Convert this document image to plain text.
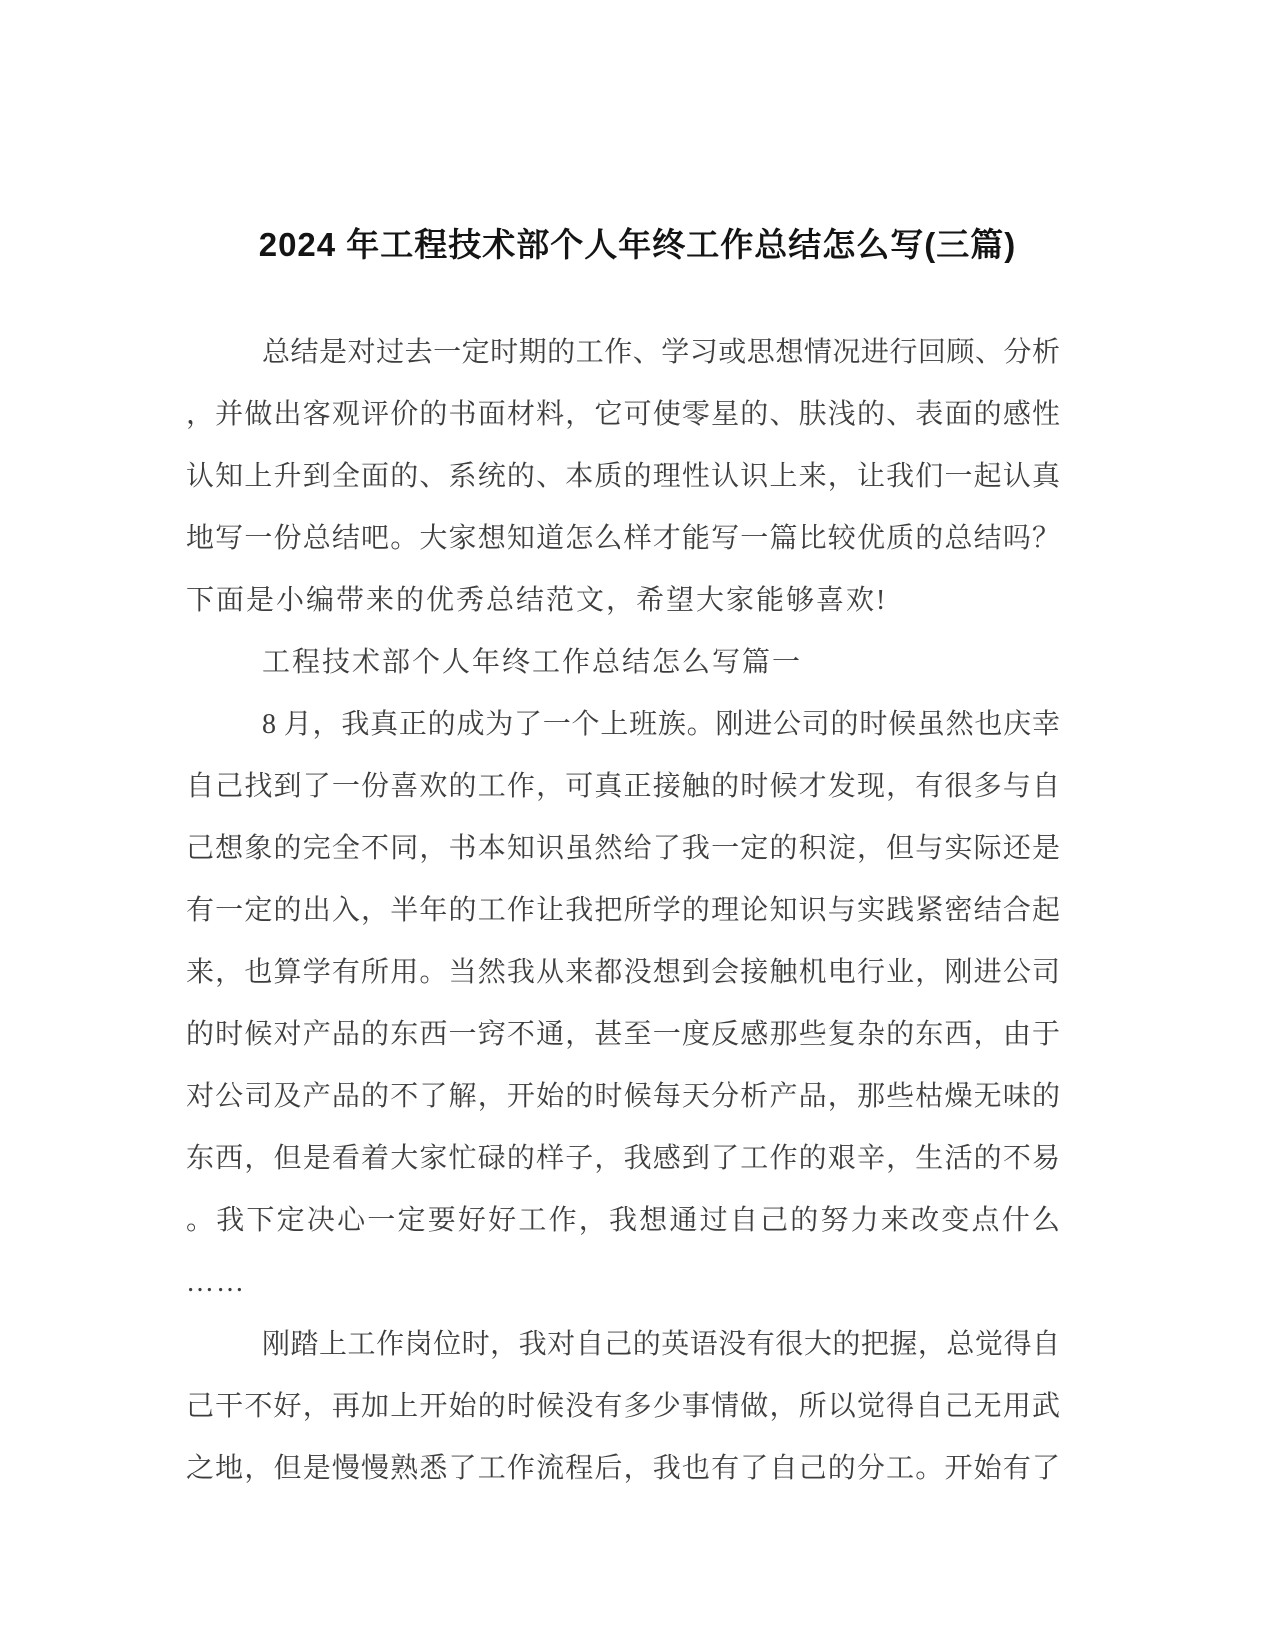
2024 年工程技术部个人年终工作总结怎么写(三篇)
总结是对过去一定时期的工作、学习或思想情况进行回顾、分析
，并做出客观评价的书面材料，它可使零星的、肤浅的、表面的感性
认知上升到全面的、系统的、本质的理性认识上来，让我们一起认真
地写一份总结吧。大家想知道怎么样才能写一篇比较优质的总结吗？
下面是小编带来的优秀总结范文，希望大家能够喜欢!
工程技术部个人年终工作总结怎么写篇一
8 月，我真正的成为了一个上班族。刚进公司的时候虽然也庆幸
自己找到了一份喜欢的工作，可真正接触的时候才发现，有很多与自
己想象的完全不同，书本知识虽然给了我一定的积淀，但与实际还是
有一定的出入，半年的工作让我把所学的理论知识与实践紧密结合起
来，也算学有所用。当然我从来都没想到会接触机电行业，刚进公司
的时候对产品的东西一窍不通，甚至一度反感那些复杂的东西，由于
对公司及产品的不了解，开始的时候每天分析产品，那些枯燥无味的
东西，但是看着大家忙碌的样子，我感到了工作的艰辛，生活的不易
。我下定决心一定要好好工作，我想通过自己的努力来改变点什么
……
刚踏上工作岗位时，我对自己的英语没有很大的把握，总觉得自
己干不好，再加上开始的时候没有多少事情做，所以觉得自己无用武
之地，但是慢慢熟悉了工作流程后，我也有了自己的分工。开始有了
